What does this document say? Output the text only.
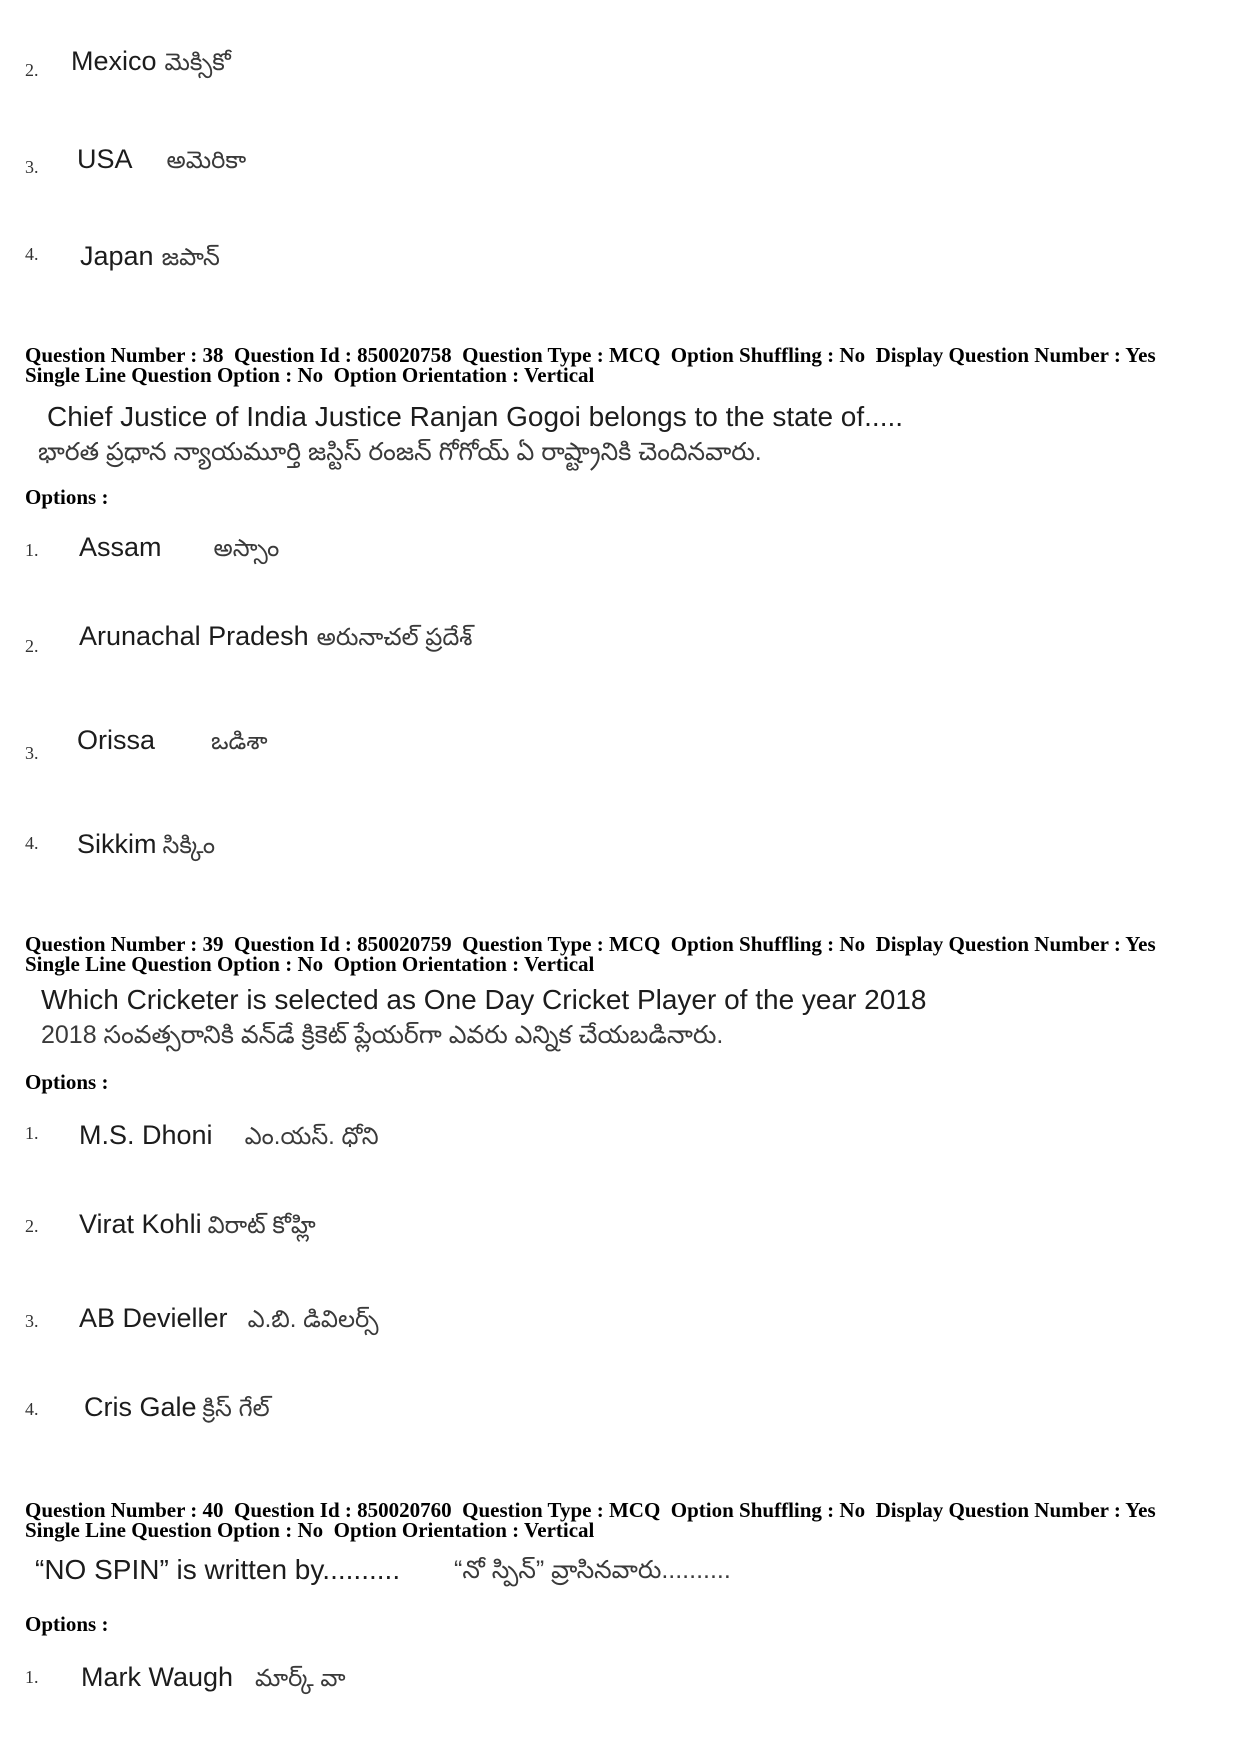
Mexico మెక్సికో

2.

USA అమెరికా

3.

Japan జపాన్

4.
Question Number : 38  Question Id : 850020758  Question Type : MCQ  Option Shuffling : No  Display Question Number : Yes
Single Line Question Option : No  Option Orientation : Vertical
Chief Justice of India Justice Ranjan Gogoi belongs to the state of.....
భారత ప్రధాన న్యాయమూర్తి జస్టిస్ రంజన్ గోగోయ్ ఏ రాష్ట్రానికి చెందినవారు.
Options :

Assam అస్సాం

1.

Arunachal Pradesh అరునాచల్ ప్రదేశ్

2.

Orissa ఒడిశా

3.

Sikkim సిక్కిం

4.
Question Number : 39  Question Id : 850020759  Question Type : MCQ  Option Shuffling : No  Display Question Number : Yes
Single Line Question Option : No  Option Orientation : Vertical
Which Cricketer is selected as One Day Cricket Player of the year 2018
2018 సంవత్సరానికి వన్‌డే క్రికెట్ ప్లేయర్‌గా ఎవరు ఎన్నిక చేయబడినారు.
Options :

M.S. Dhoni ఎం.యస్. ధోని

1.

Virat Kohli విరాట్ కోహ్లి

2.

AB Devieller ఎ.బి. డివిలర్స్

3.

Cris Gale క్రిస్ గేల్

4.
Question Number : 40  Question Id : 850020760  Question Type : MCQ  Option Shuffling : No  Display Question Number : Yes
Single Line Question Option : No  Option Orientation : Vertical
“NO SPIN” is written by.......... “నో స్పిన్” వ్రాసినవారు..........
Options :

Mark Waugh మార్క్ వా

1.
